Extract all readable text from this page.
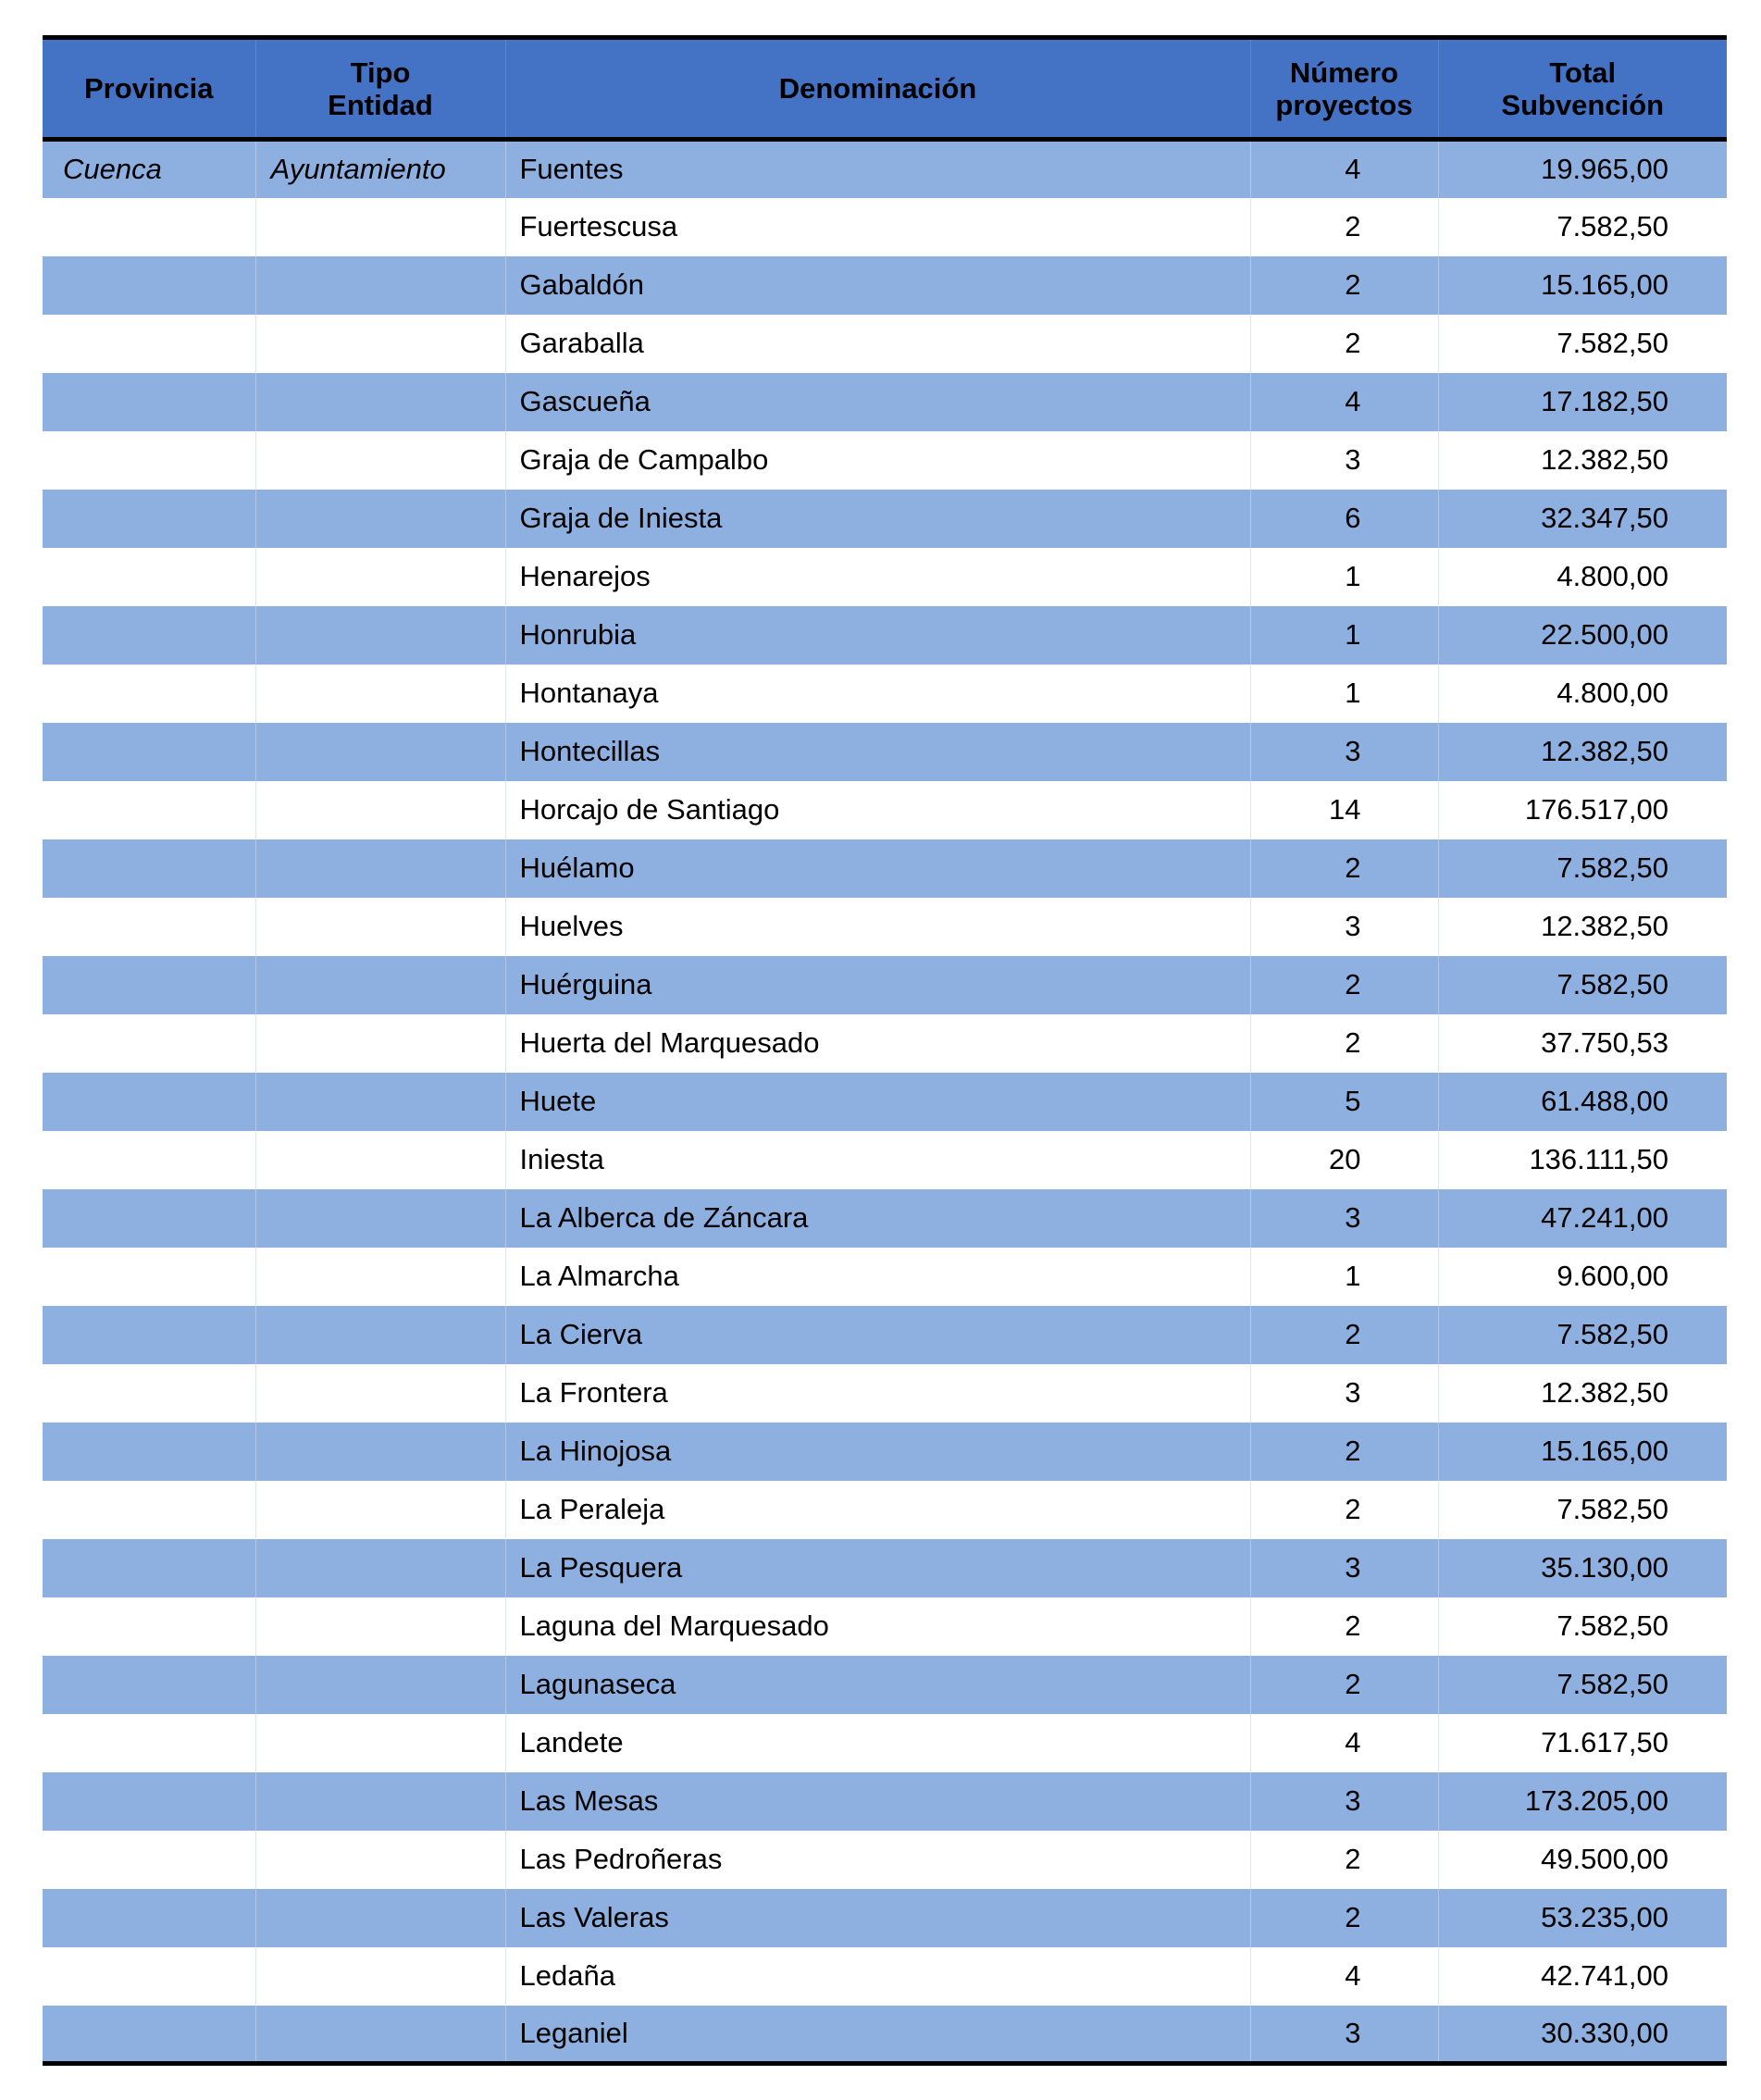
Provincia	Tipo Entidad	Denominación	Número proyectos	Total Subvención
Cuenca	Ayuntamiento	Fuentes	4	19.965,00
		Fuertescusa	2	7.582,50
		Gabaldón	2	15.165,00
		Garaballa	2	7.582,50
		Gascueña	4	17.182,50
		Graja de Campalbo	3	12.382,50
		Graja de Iniesta	6	32.347,50
		Henarejos	1	4.800,00
		Honrubia	1	22.500,00
		Hontanaya	1	4.800,00
		Hontecillas	3	12.382,50
		Horcajo de Santiago	14	176.517,00
		Huélamo	2	7.582,50
		Huelves	3	12.382,50
		Huérguina	2	7.582,50
		Huerta del Marquesado	2	37.750,53
		Huete	5	61.488,00
		Iniesta	20	136.111,50
		La Alberca de Záncara	3	47.241,00
		La Almarcha	1	9.600,00
		La Cierva	2	7.582,50
		La Frontera	3	12.382,50
		La Hinojosa	2	15.165,00
		La Peraleja	2	7.582,50
		La Pesquera	3	35.130,00
		Laguna del Marquesado	2	7.582,50
		Lagunaseca	2	7.582,50
		Landete	4	71.617,50
		Las Mesas	3	173.205,00
		Las Pedroñeras	2	49.500,00
		Las Valeras	2	53.235,00
		Ledaña	4	42.741,00
		Leganiel	3	30.330,00
